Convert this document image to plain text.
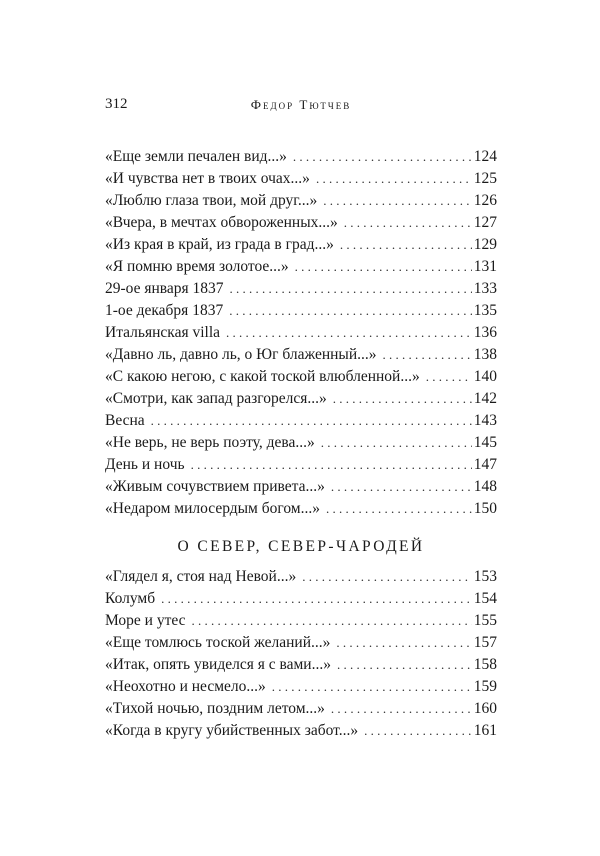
312	Федор Тютчев
«Еще земли печален вид...» . . .	124
«И чувства нет в твоих очах...» . . .	125
«Люблю глаза твои, мой друг...» . . .	126
«Вчера, в мечтах обвороженных...» . . .	127
«Из края в край, из града в град...» . . .	129
«Я помню время золотое...» . . .	131
29-ое января 1837 . . .	133
1-ое декабря 1837 . . .	135
Итальянская villa . . .	136
«Давно ль, давно ль, о Юг блаженный...» . . .	138
«С какою негою, с какой тоской влюбленной...» . . .	140
«Смотри, как запад разгорелся...» . . .	142
Весна . . .	143
«Не верь, не верь поэту, дева...» . . .	145
День и ночь . . .	147
«Живым сочувствием привета...» . . .	148
«Недаром милосердым богом...» . . .	150
О СЕВЕР, СЕВЕР-ЧАРОДЕЙ
«Глядел я, стоя над Невой...» . . .	153
Колумб . . .	154
Море и утес . . .	155
«Еще томлюсь тоской желаний...» . . .	157
«Итак, опять увиделся я с вами...» . . .	158
«Неохотно и несмело...» . . .	159
«Тихой ночью, поздним летом...» . . .	160
«Когда в кругу убийственных забот...» . . .	161
